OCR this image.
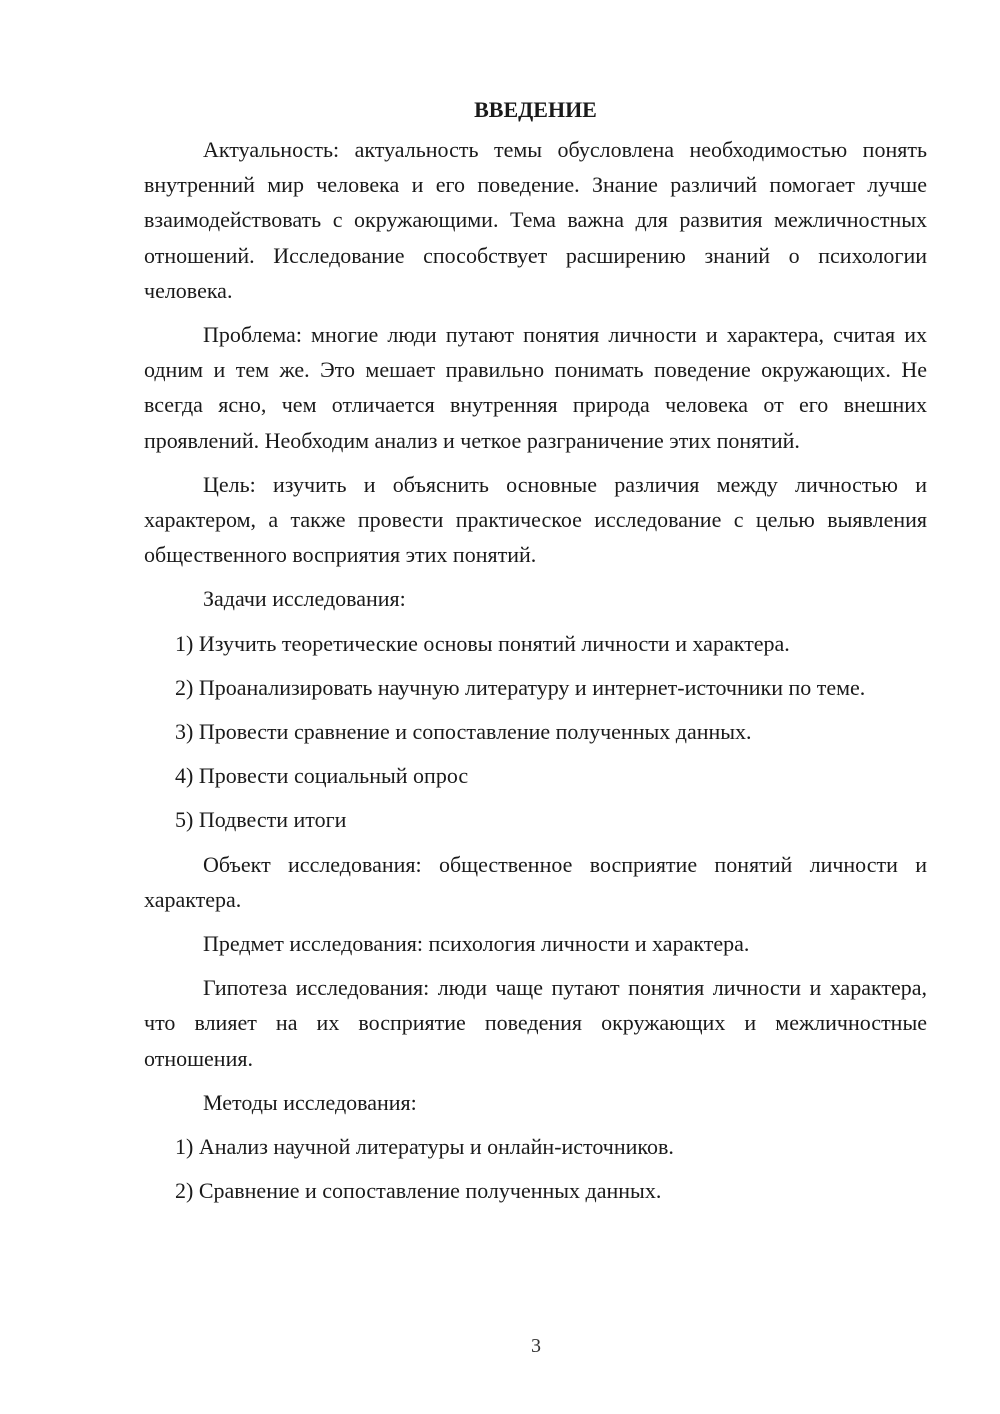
ВВЕДЕНИЕ
Актуальность: актуальность темы обусловлена необходимостью понять внутренний мир человека и его поведение. Знание различий помогает лучше взаимодействовать с окружающими. Тема важна для развития межличностных отношений. Исследование способствует расширению знаний о психологии человека.
Проблема: многие люди путают понятия личности и характера, считая их одним и тем же. Это мешает правильно понимать поведение окружающих. Не всегда ясно, чем отличается внутренняя природа человека от его внешних проявлений. Необходим анализ и четкое разграничение этих понятий.
Цель: изучить и объяснить основные различия между личностью и характером, а также провести практическое исследование с целью выявления общественного восприятия этих понятий.
Задачи исследования:
1) Изучить теоретические основы понятий личности и характера.
2) Проанализировать научную литературу и интернет-источники по теме.
3) Провести сравнение и сопоставление полученных данных.
4) Провести социальный опрос
5) Подвести итоги
Объект исследования: общественное восприятие понятий личности и характера.
Предмет исследования: психология личности и характера.
Гипотеза исследования: люди чаще путают понятия личности и характера, что влияет на их восприятие поведения окружающих и межличностные отношения.
Методы исследования:
1) Анализ научной литературы и онлайн-источников.
2) Сравнение и сопоставление полученных данных.
3
